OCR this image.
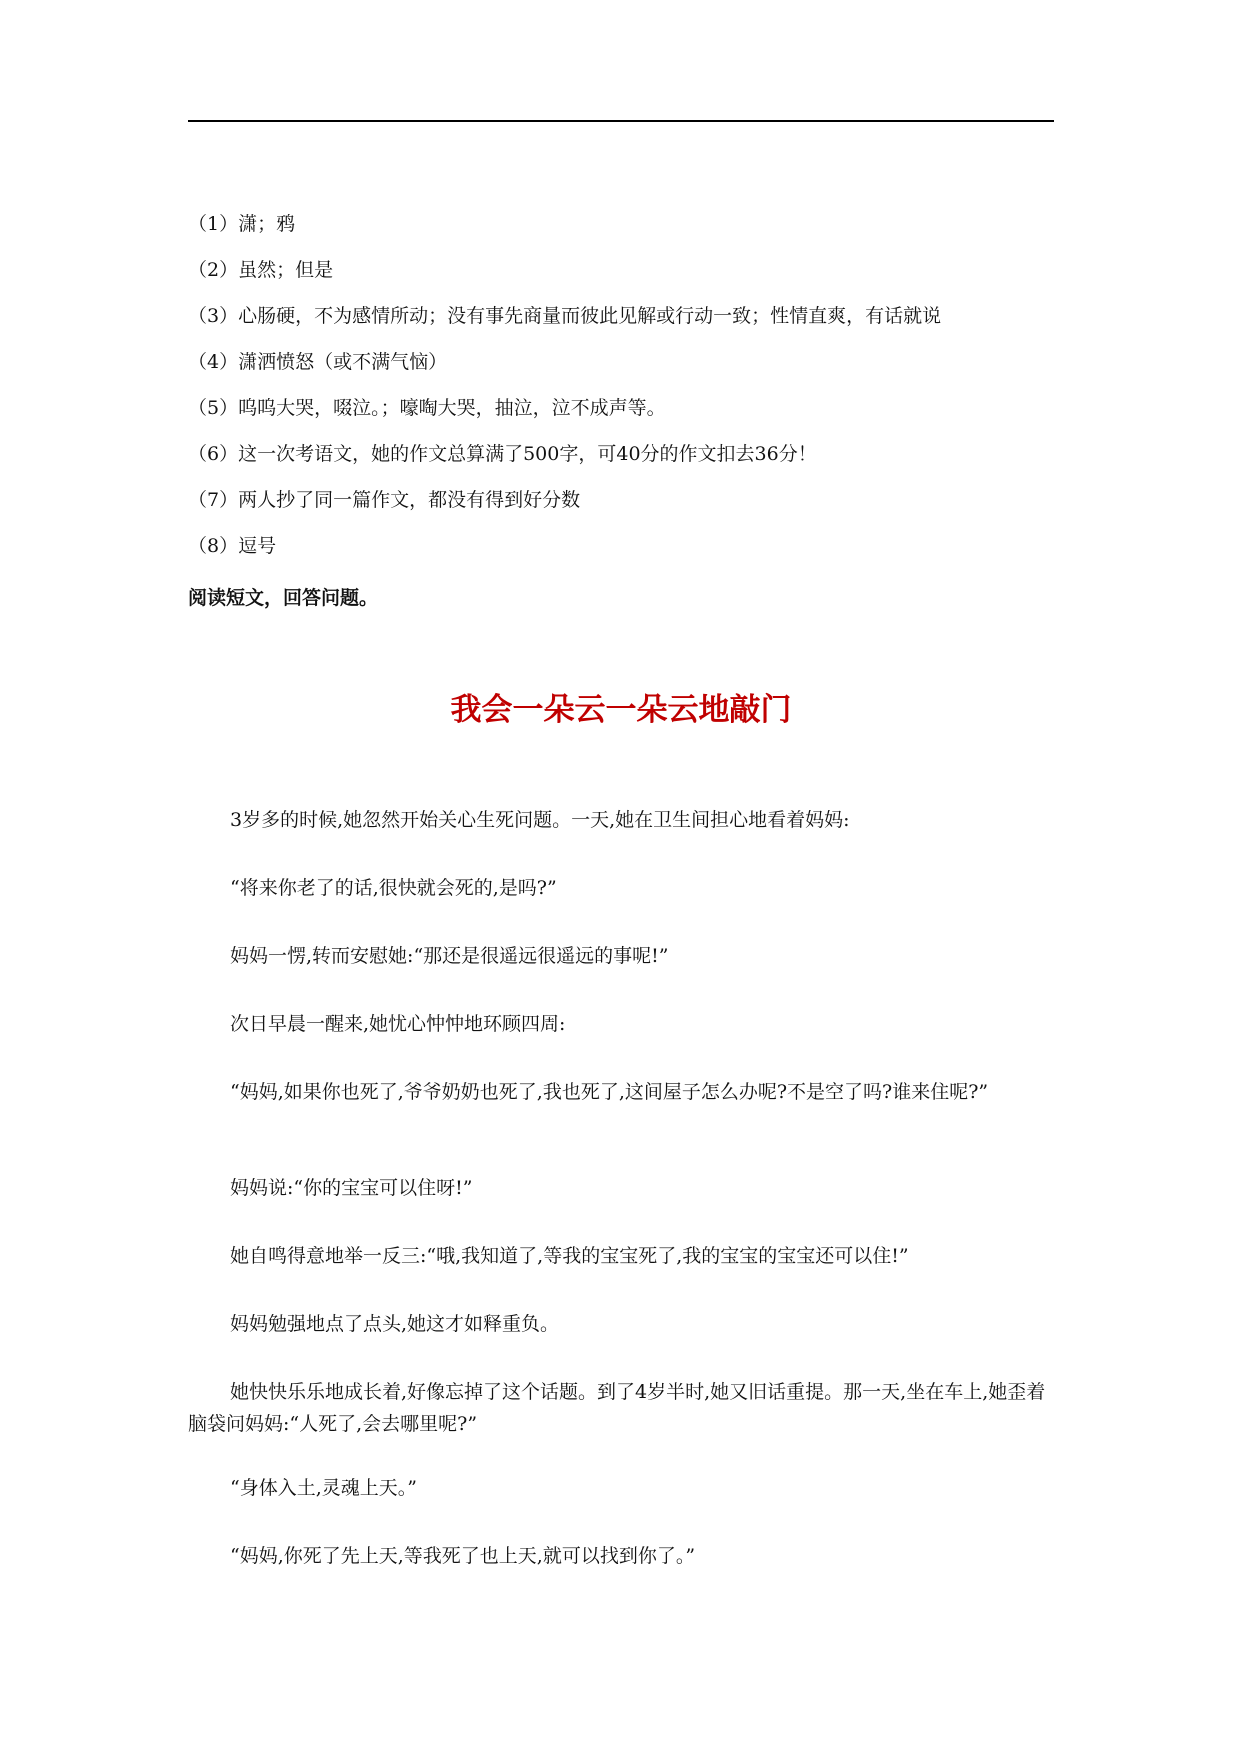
（1）潇；鸦
（2）虽然；但是
（3）心肠硬，不为感情所动；没有事先商量而彼此见解或行动一致；性情直爽，有话就说
（4）潇洒愤怒（或不满气恼）
（5）呜呜大哭，啜泣。；嚎啕大哭，抽泣，泣不成声等。
（6）这一次考语文，她的作文总算满了500字，可40分的作文扣去36分！
（7）两人抄了同一篇作文，都没有得到好分数
（8）逗号
阅读短文，回答问题。
我会一朵云一朵云地敲门

3岁多的时候,她忽然开始关心生死问题。一天,她在卫生间担心地看着妈妈:

“将来你老了的话,很快就会死的,是吗?”

妈妈一愣,转而安慰她:“那还是很遥远很遥远的事呢!”

次日早晨一醒来,她忧心忡忡地环顾四周:

“妈妈,如果你也死了,爷爷奶奶也死了,我也死了,这间屋子怎么办呢?不是空了吗?谁来住呢?”

妈妈说:“你的宝宝可以住呀!”

她自鸣得意地举一反三:“哦,我知道了,等我的宝宝死了,我的宝宝的宝宝还可以住!”

妈妈勉强地点了点头,她这才如释重负。

她快快乐乐地成长着,好像忘掉了这个话题。到了4岁半时,她又旧话重提。那一天,坐在车上,她歪着脑袋问妈妈:“人死了,会去哪里呢?”

“身体入土,灵魂上天。”

“妈妈,你死了先上天,等我死了也上天,就可以找到你了。”
